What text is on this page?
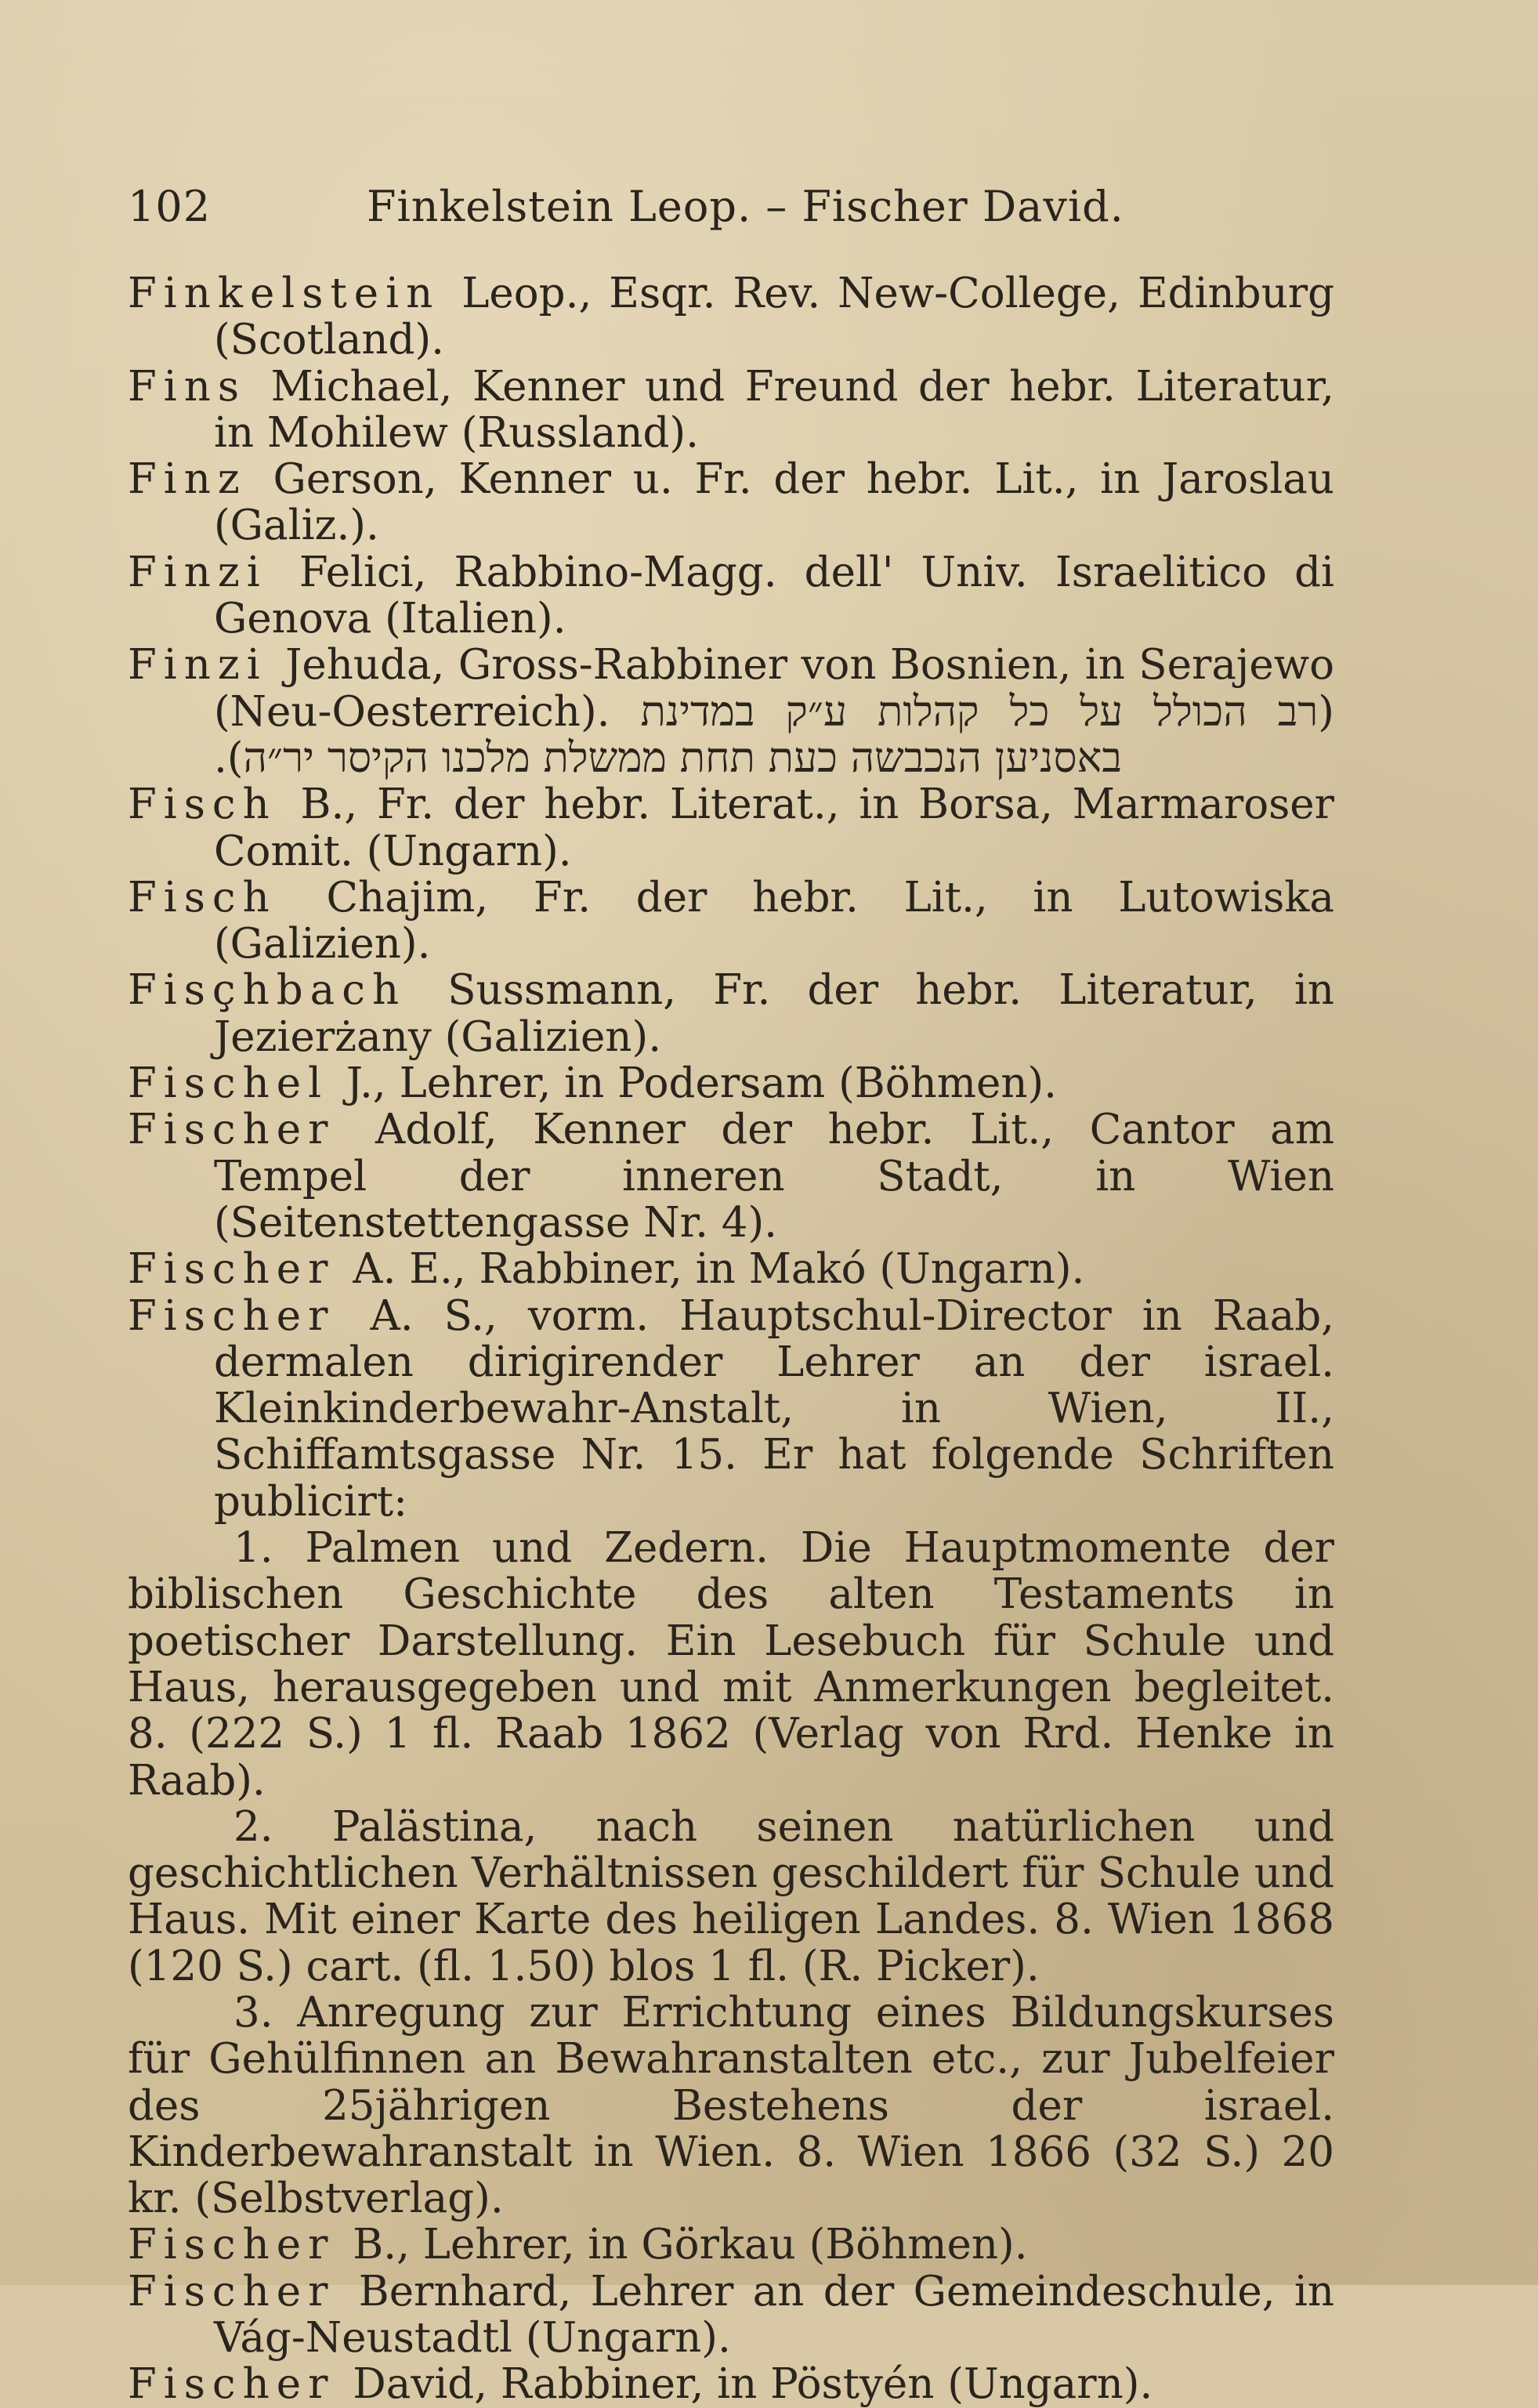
102	Finkelstein Leop. – Fischer David.

Finkelstein Leop., Esqr. Rev. New-College, Edinburg (Scotland).

Fins Michael, Kenner und Freund der hebr. Literatur, in Mohilew (Russland).

Finz Gerson, Kenner u. Fr. der hebr. Lit., in Jaroslau (Galiz.).

Finzi Felici, Rabbino-Magg. dell' Univ. Israelitico di Genova (Italien).

Finzi Jehuda, Gross-Rabbiner von Bosnien, in Serajewo (Neu-Oesterreich). (רב הכולל על כל קהלות ע״ק במדינת באסניען הנכבשה כעת תחת ממשלת מלכנו הקיסר יר״ה).

Fisch B., Fr. der hebr. Literat., in Borsa, Marmaroser Comit. (Ungarn).

Fisch Chajim, Fr. der hebr. Lit., in Lutowiska (Galizien).

Fisçhbach Sussmann, Fr. der hebr. Literatur, in Jezierżany (Galizien).

Fischel J., Lehrer, in Podersam (Böhmen).

Fischer Adolf, Kenner der hebr. Lit., Cantor am Tempel der inneren Stadt, in Wien (Seitenstettengasse Nr. 4).

Fischer A. E., Rabbiner, in Makó (Ungarn).

Fischer A. S., vorm. Hauptschul-Director in Raab, dermalen dirigirender Lehrer an der israel. Kleinkinderbewahr-Anstalt, in Wien, II., Schiffamtsgasse Nr. 15. Er hat folgende Schriften publicirt:

1. Palmen und Zedern. Die Hauptmomente der biblischen Geschichte des alten Testaments in poetischer Darstellung. Ein Lesebuch für Schule und Haus, herausgegeben und mit Anmerkungen begleitet. 8. (222 S.) 1 fl. Raab 1862 (Verlag von Rrd. Henke in Raab).

2. Palästina, nach seinen natürlichen und geschichtlichen Verhältnissen geschildert für Schule und Haus. Mit einer Karte des heiligen Landes. 8. Wien 1868 (120 S.) cart. (fl. 1.50) blos 1 fl. (R. Picker).

3. Anregung zur Errichtung eines Bildungskurses für Gehülfinnen an Bewahranstalten etc., zur Jubelfeier des 25jährigen Bestehens der israel. Kinderbewahranstalt in Wien. 8. Wien 1866 (32 S.) 20 kr. (Selbstverlag).

Fischer B., Lehrer, in Görkau (Böhmen).

Fischer Bernhard, Lehrer an der Gemeindeschule, in Vág-Neustadtl (Ungarn).

Fischer David, Rabbiner, in Pöstyén (Ungarn).
